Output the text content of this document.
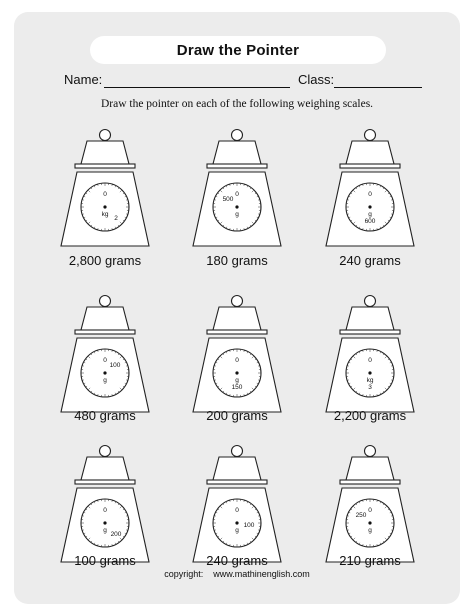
Draw the Pointer
Name:	Class:
Draw the pointer on each of the following weighing scales.
kg
0
2
2,800 grams
g
0
500
180 grams
g
0
600
240 grams
g
0
100
480 grams
g
0
150
200 grams
kg
0
3
2,200 grams
g
0
200
100 grams
g
0
100
240 grams
g
0
250
210 grams
copyright: www.mathinenglish.com
